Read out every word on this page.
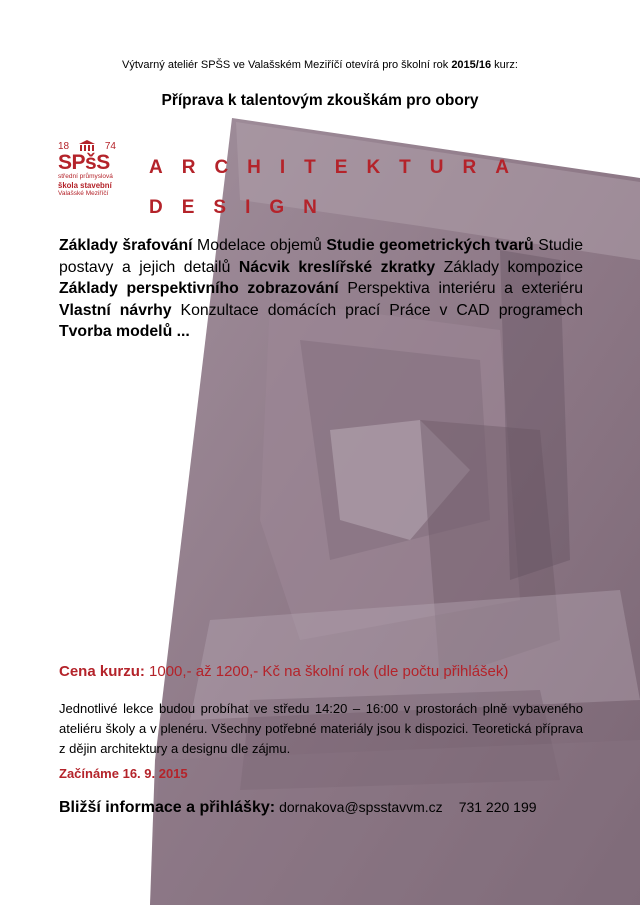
Výtvarný ateliér SPŠS ve Valašském Meziříčí otevírá pro školní rok 2015/16 kurz:
Příprava k talentovým zkouškám pro obory
18	74
SPšS
střední průmyslová
škola stavební
Valašské Meziříčí
ARCHITEKTURA
DESIGN
Základy šrafování Modelace objemů Studie geometrických tvarů Studie postavy a jejich detailů Nácvik kreslířské zkratky Základy kompozice Základy perspektivního zobrazování Perspektiva interiéru a exteriéru Vlastní návrhy Konzultace domácích prací Práce v CAD programech Tvorba modelů ...
Cena kurzu: 1000,- až 1200,- Kč na školní rok (dle počtu přihlášek)
Jednotlivé lekce budou probíhat ve středu 14:20 – 16:00 v prostorách plně vybaveného ateliéru školy a v plenéru. Všechny potřebné materiály jsou k dispozici. Teoretická příprava z dějin architektury a designu dle zájmu.
Začínáme 16. 9. 2015
Bližší informace a přihlášky: dornakova@spsstavvm.cz 731 220 199
